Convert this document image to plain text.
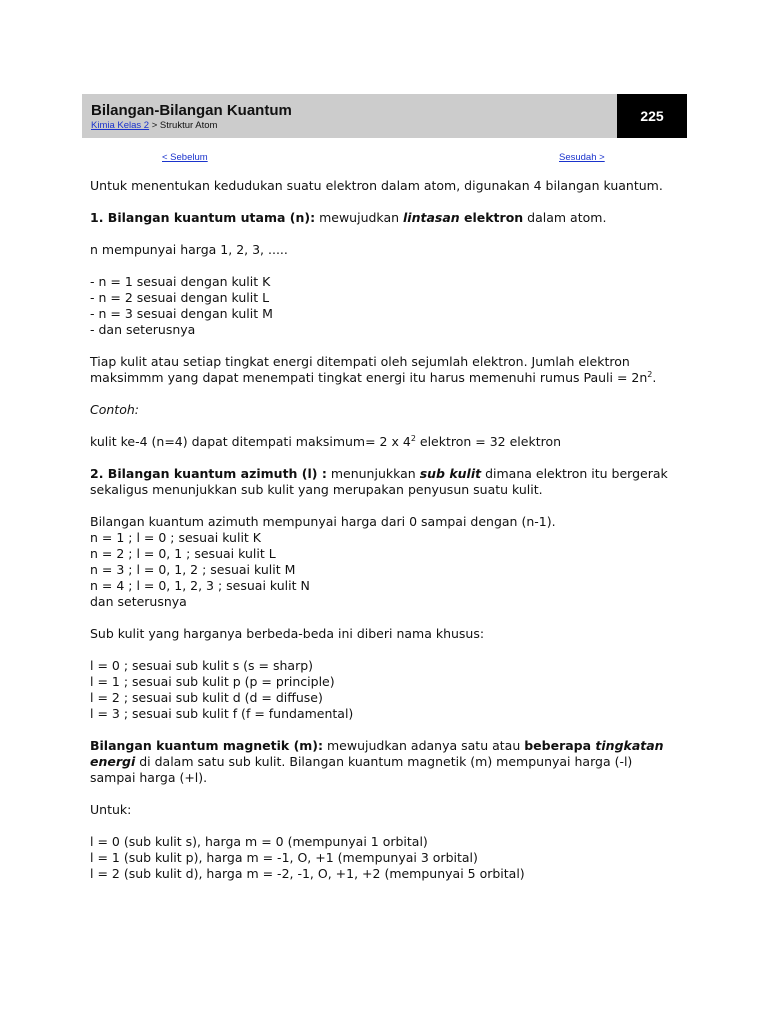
Bilangan-Bilangan Kuantum
Kimia Kelas 2 > Struktur Atom
225
< Sebelum	Sesudah >

Untuk menentukan kedudukan suatu elektron dalam atom, digunakan 4 bilangan kuantum.

1. Bilangan kuantum utama (n): mewujudkan lintasan elektron dalam atom.

n mempunyai harga 1, 2, 3, .....

- n = 1 sesuai dengan kulit K

- n = 2 sesuai dengan kulit L

- n = 3 sesuai dengan kulit M

- dan seterusnya

Tiap kulit atau setiap tingkat energi ditempati oleh sejumlah elektron. Jumlah elektron

maksimmm yang dapat menempati tingkat energi itu harus memenuhi rumus Pauli = $2n^2$.

Contoh:

kulit ke-4 (n=4) dapat ditempati maksimum= 2 x $4^2$ elektron = 32 elektron

2. Bilangan kuantum azimuth (l) : menunjukkan sub kulit dimana elektron itu bergerak

sekaligus menunjukkan sub kulit yang merupakan penyusun suatu kulit.

Bilangan kuantum azimuth mempunyai harga dari 0 sampai dengan (n-1).

n = 1 ; l = 0 ; sesuai kulit K

n = 2 ; l = 0, 1 ; sesuai kulit L

n = 3 ; l = 0, 1, 2 ; sesuai kulit M

n = 4 ; l = 0, 1, 2, 3 ; sesuai kulit N

dan seterusnya

Sub kulit yang harganya berbeda-beda ini diberi nama khusus:

l = 0 ; sesuai sub kulit s (s = sharp)

l = 1 ; sesuai sub kulit p (p = principle)

l = 2 ; sesuai sub kulit d (d = diffuse)

l = 3 ; sesuai sub kulit f (f = fundamental)

Bilangan kuantum magnetik (m): mewujudkan adanya satu atau beberapa tingkatan

energi di dalam satu sub kulit. Bilangan kuantum magnetik (m) mempunyai harga (-l)

sampai harga (+l).

Untuk:

l = 0 (sub kulit s), harga m = 0 (mempunyai 1 orbital)

l = 1 (sub kulit p), harga m = -1, O, +1 (mempunyai 3 orbital)

l = 2 (sub kulit d), harga m = -2, -1, O, +1, +2 (mempunyai 5 orbital)
